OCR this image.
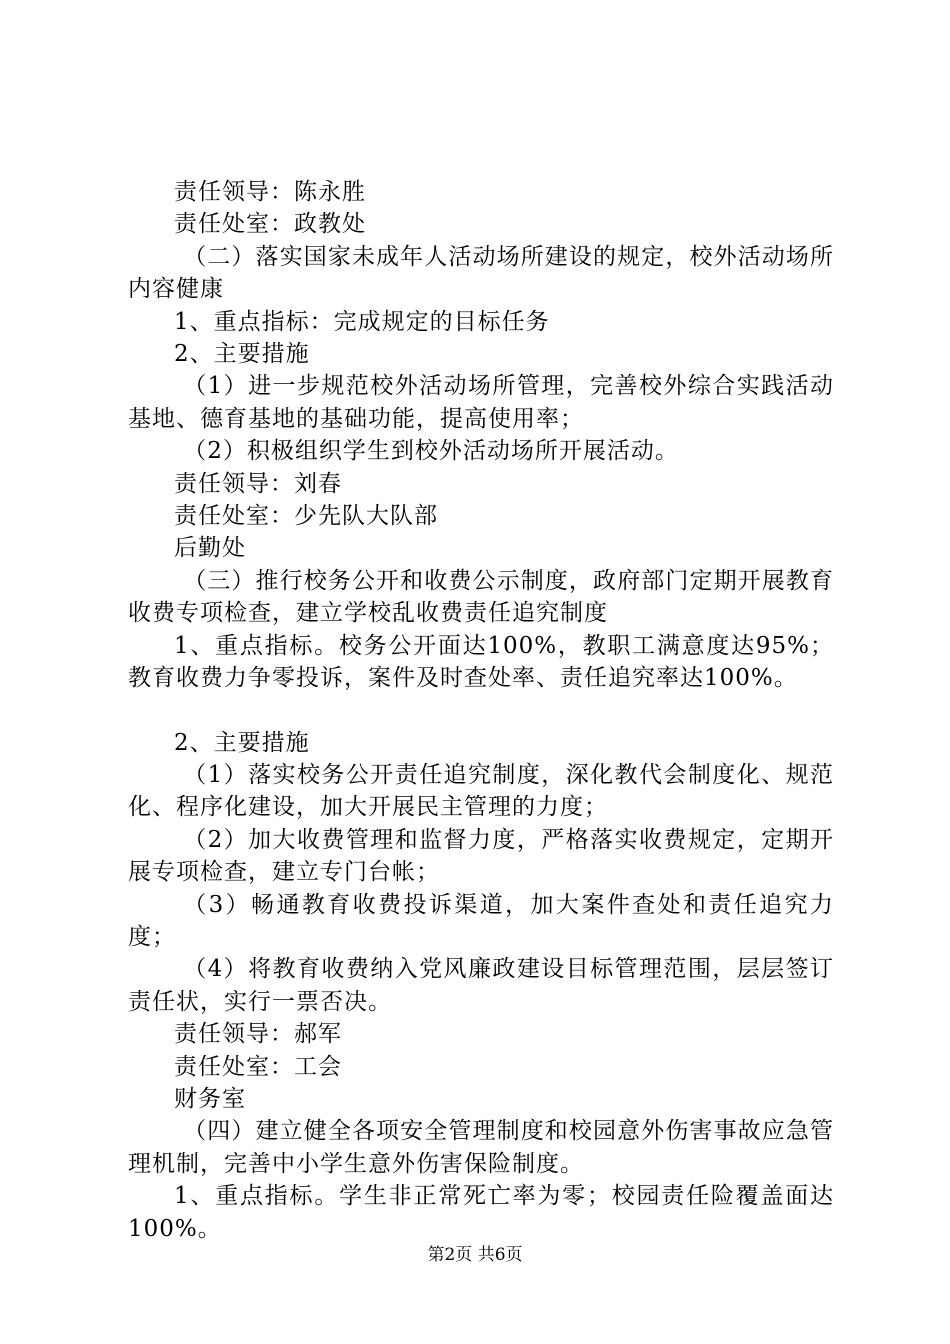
责任领导：陈永胜

责任处室：政教处

（二）落实国家未成年人活动场所建设的规定，校外活动场所内容健康

1、重点指标：完成规定的目标任务

2、主要措施

（1）进一步规范校外活动场所管理，完善校外综合实践活动基地、德育基地的基础功能，提高使用率；

（2）积极组织学生到校外活动场所开展活动。

责任领导：刘春

责任处室：少先队大队部

后勤处

（三）推行校务公开和收费公示制度，政府部门定期开展教育收费专项检查，建立学校乱收费责任追究制度

1、重点指标。校务公开面达100%，教职工满意度达95%；教育收费力争零投诉，案件及时查处率、责任追究率达100%。

2、主要措施

（1）落实校务公开责任追究制度，深化教代会制度化、规范化、程序化建设，加大开展民主管理的力度；

（2）加大收费管理和监督力度，严格落实收费规定，定期开展专项检查，建立专门台帐；

（3）畅通教育收费投诉渠道，加大案件查处和责任追究力度；

（4）将教育收费纳入党风廉政建设目标管理范围，层层签订责任状，实行一票否决。

责任领导：郝军

责任处室：工会

财务室

（四）建立健全各项安全管理制度和校园意外伤害事故应急管理机制，完善中小学生意外伤害保险制度。

1、重点指标。学生非正常死亡率为零；校园责任险覆盖面达100%。

第2页 共6页
